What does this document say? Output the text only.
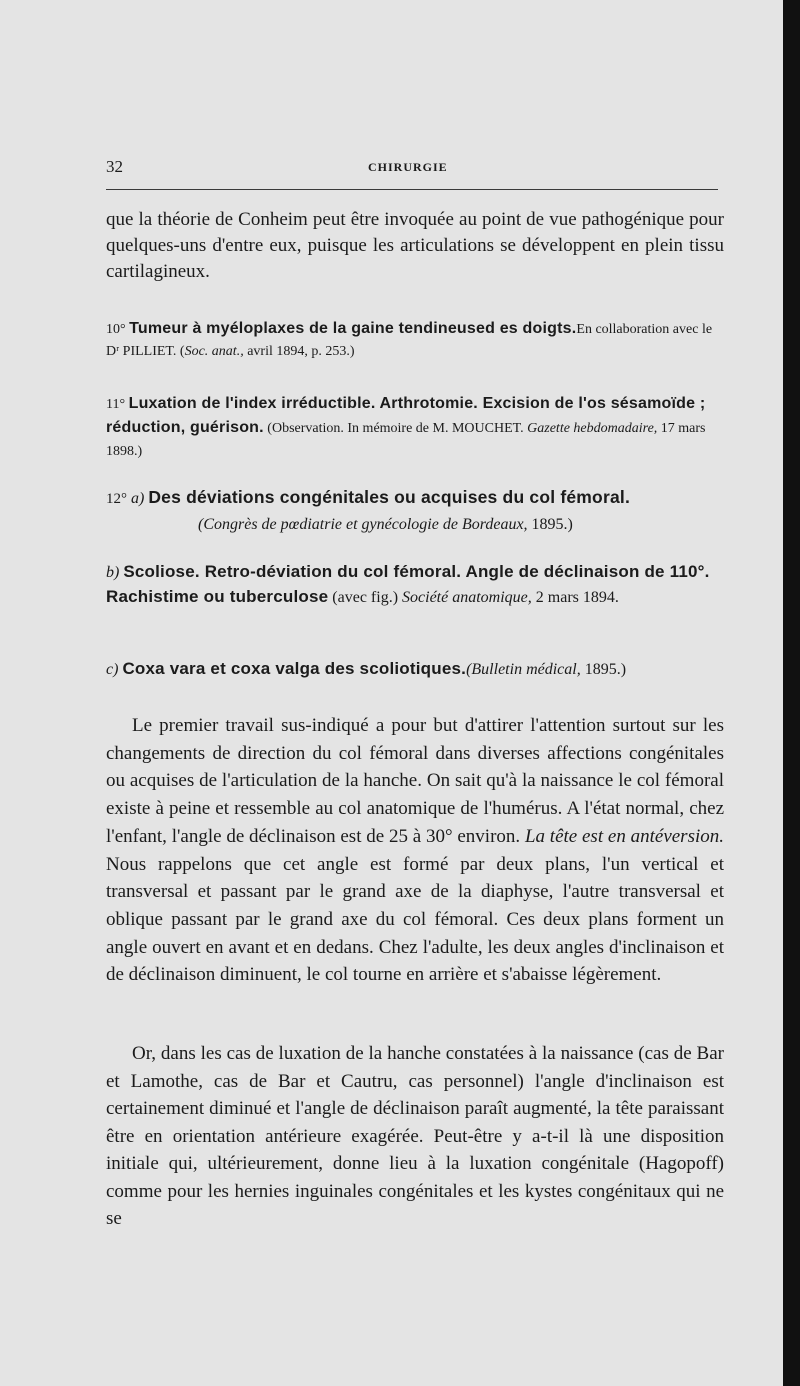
32	CHIRURGIE

que la théorie de Conheim peut être invoquée au point de vue pathogénique pour quelques-uns d'entre eux, puisque les articulations se développent en plein tissu cartilagineux.

10° Tumeur à myéloplaxes de la gaine tendineused es doigts.En collaboration avec le Dʳ PILLIET. (Soc. anat., avril 1894, p. 253.)
11° Luxation de l'index irréductible. Arthrotomie. Excision de l'os sésamoïde ; réduction, guérison. (Observation. In mémoire de M. MOUCHET. Gazette hebdomadaire, 17 mars 1898.)
12° a) Des déviations congénitales ou acquises du col fémoral.
(Congrès de pœdiatrie et gynécologie de Bordeaux, 1895.)
b) Scoliose. Retro-déviation du col fémoral. Angle de déclinaison de 110°. Rachistime ou tuberculose (avec fig.) Société anatomique, 2 mars 1894.
c) Coxa vara et coxa valga des scoliotiques.(Bulletin médical, 1895.)

Le premier travail sus-indiqué a pour but d'attirer l'attention surtout sur les changements de direction du col fémoral dans diverses affections congénitales ou acquises de l'articulation de la hanche. On sait qu'à la naissance le col fémoral existe à peine et ressemble au col anatomique de l'humérus. A l'état normal, chez l'enfant, l'angle de déclinaison est de 25 à 30° environ. La tête est en antéversion. Nous rappelons que cet angle est formé par deux plans, l'un vertical et transversal et passant par le grand axe de la diaphyse, l'autre transversal et oblique passant par le grand axe du col fémoral. Ces deux plans forment un angle ouvert en avant et en dedans. Chez l'adulte, les deux angles d'inclinaison et de déclinaison diminuent, le col tourne en arrière et s'abaisse légèrement.

Or, dans les cas de luxation de la hanche constatées à la naissance (cas de Bar et Lamothe, cas de Bar et Cautru, cas personnel) l'angle d'inclinaison est certainement diminué et l'angle de déclinaison paraît augmenté, la tête paraissant être en orientation antérieure exagérée. Peut-être y a-t-il là une disposition initiale qui, ultérieurement, donne lieu à la luxation congénitale (Hagopoff) comme pour les hernies inguinales congénitales et les kystes congénitaux qui ne se
